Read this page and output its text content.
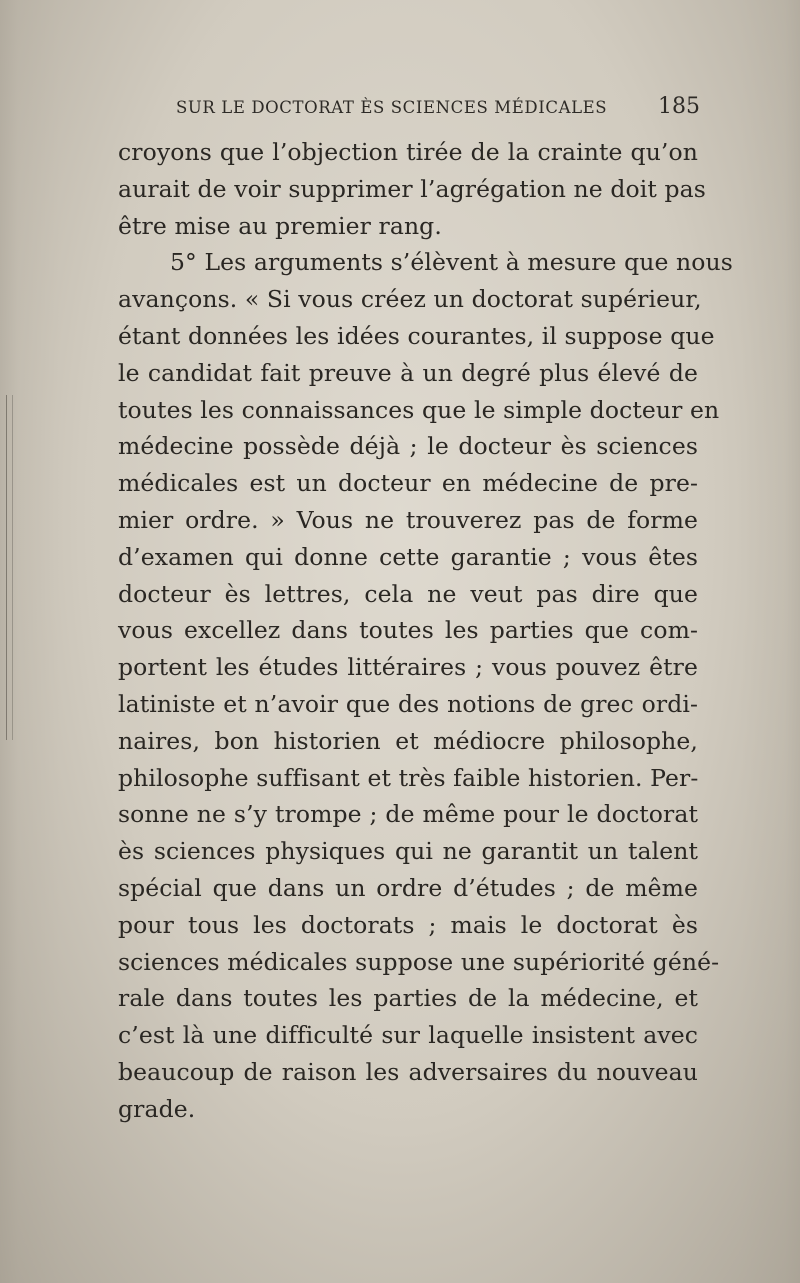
SUR LE DOCTORAT ÈS SCIENCES MÉDICALES 185
croyons que l’objection tirée de la crainte qu’on
aurait de voir supprimer l’agrégation ne doit pas
être mise au premier rang.
5° Les arguments s’élèvent à mesure que nous
avançons. « Si vous créez un doctorat supérieur,
étant données les idées courantes, il suppose que
le candidat fait preuve à un degré plus élevé de
toutes les connaissances que le simple docteur en
médecine possède déjà ; le docteur ès sciences
médicales est un docteur en médecine de pre-
mier ordre. » Vous ne trouverez pas de forme
d’examen qui donne cette garantie ; vous êtes
docteur ès lettres, cela ne veut pas dire que
vous excellez dans toutes les parties que com-
portent les études littéraires ; vous pouvez être
latiniste et n’avoir que des notions de grec ordi-
naires, bon historien et médiocre philosophe,
philosophe suffisant et très faible historien. Per-
sonne ne s’y trompe ; de même pour le doctorat
ès sciences physiques qui ne garantit un talent
spécial que dans un ordre d’études ; de même
pour tous les doctorats ; mais le doctorat ès
sciences médicales suppose une supériorité géné-
rale dans toutes les parties de la médecine, et
c’est là une difficulté sur laquelle insistent avec
beaucoup de raison les adversaires du nouveau
grade.
